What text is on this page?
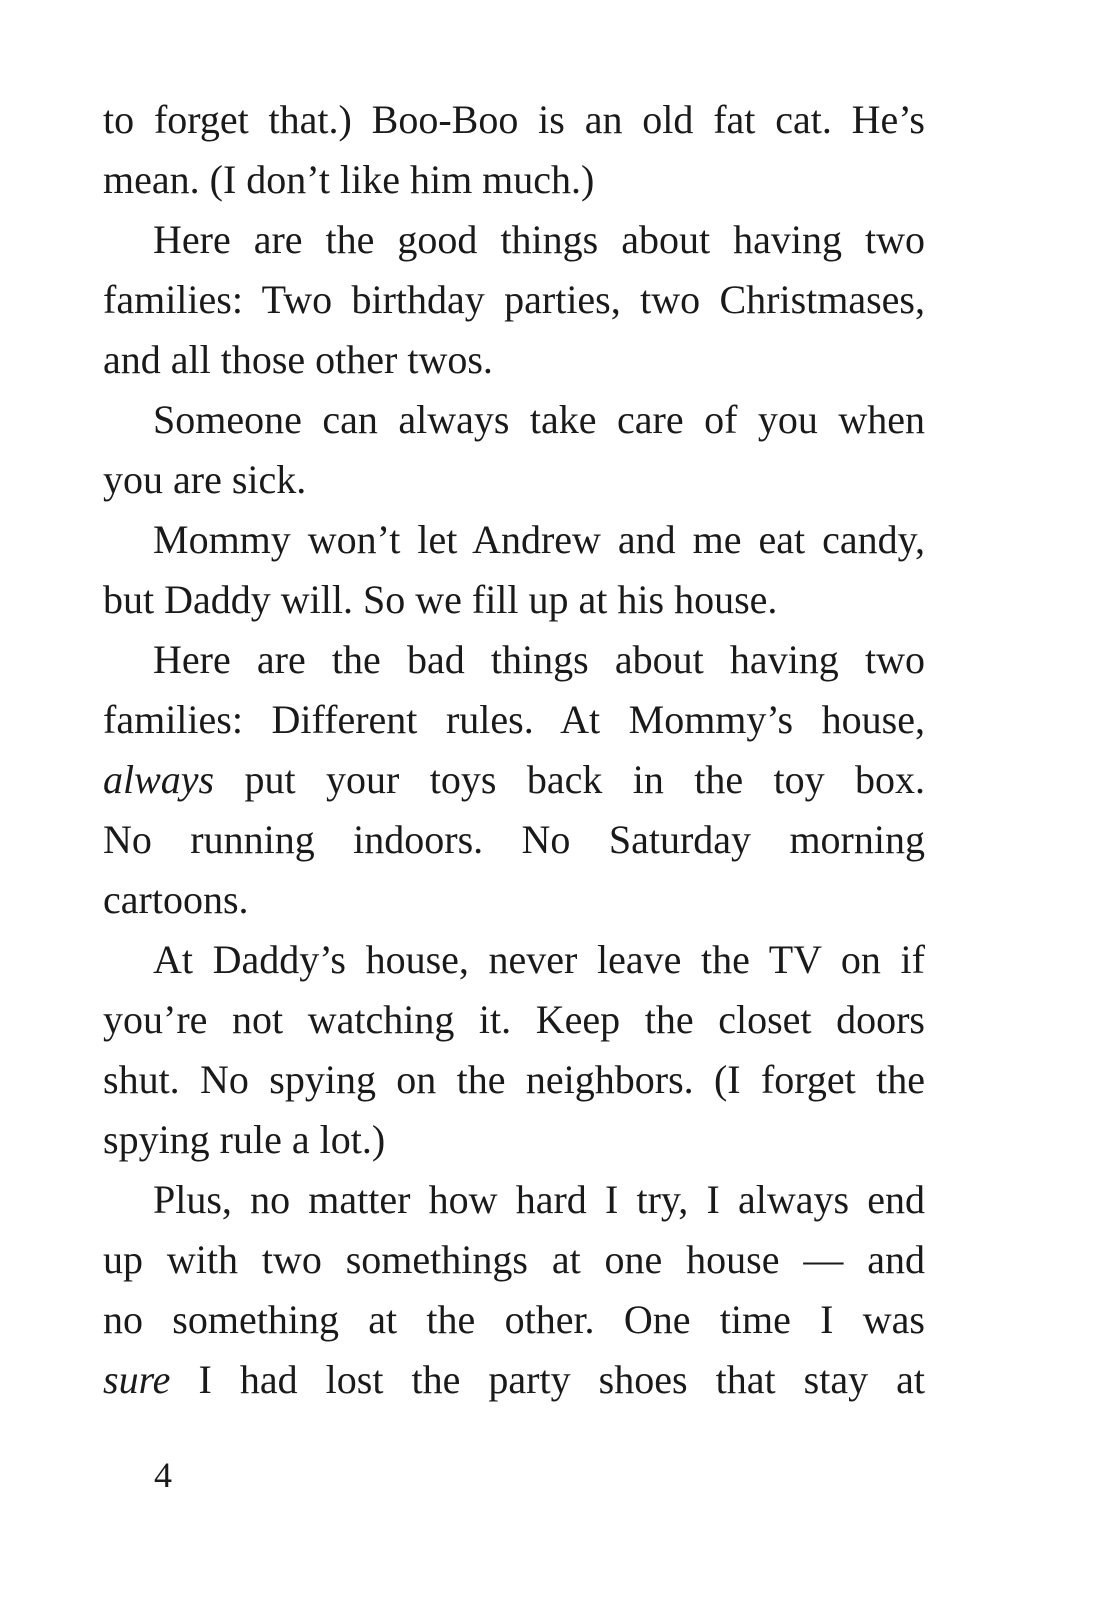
to forget that.) Boo-Boo is an old fat cat. He’s
mean. (I don’t like him much.)
Here are the good things about having two
families: Two birthday parties, two Christmases,
and all those other twos.
Someone can always take care of you when
you are sick.
Mommy won’t let Andrew and me eat candy,
but Daddy will. So we fill up at his house.
Here are the bad things about having two
families: Different rules. At Mommy’s house,
always put your toys back in the toy box.
No running indoors. No Saturday morning
cartoons.
At Daddy’s house, never leave the TV on if
you’re not watching it. Keep the closet doors
shut. No spying on the neighbors. (I forget the
spying rule a lot.)
Plus, no matter how hard I try, I always end
up with two somethings at one house — and
no something at the other. One time I was
sure I had lost the party shoes that stay at
4
